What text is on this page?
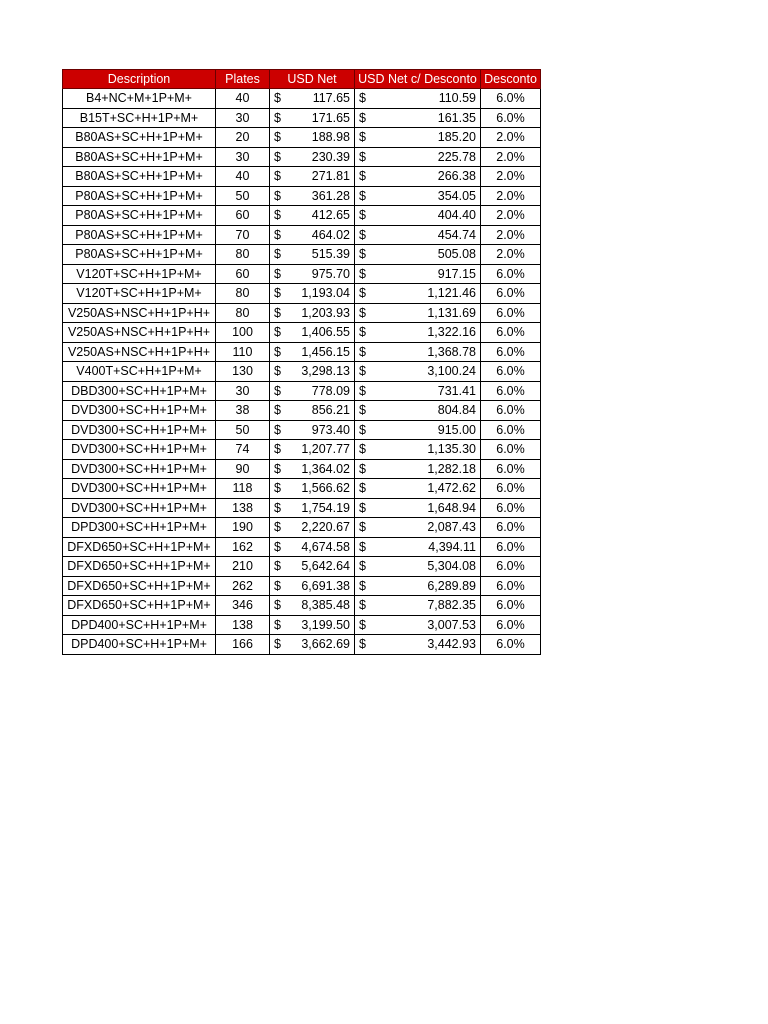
Description	Plates	USD Net	USD Net c/ Desconto	Desconto
B4+NC+M+1P+M+	40	$ 117.65	$ 110.59	6.0%
B15T+SC+H+1P+M+	30	$ 171.65	$ 161.35	6.0%
B80AS+SC+H+1P+M+	20	$ 188.98	$ 185.20	2.0%
B80AS+SC+H+1P+M+	30	$ 230.39	$ 225.78	2.0%
B80AS+SC+H+1P+M+	40	$ 271.81	$ 266.38	2.0%
P80AS+SC+H+1P+M+	50	$ 361.28	$ 354.05	2.0%
P80AS+SC+H+1P+M+	60	$ 412.65	$ 404.40	2.0%
P80AS+SC+H+1P+M+	70	$ 464.02	$ 454.74	2.0%
P80AS+SC+H+1P+M+	80	$ 515.39	$ 505.08	2.0%
V120T+SC+H+1P+M+	60	$ 975.70	$ 917.15	6.0%
V120T+SC+H+1P+M+	80	$ 1,193.04	$ 1,121.46	6.0%
V250AS+NSC+H+1P+H+	80	$ 1,203.93	$ 1,131.69	6.0%
V250AS+NSC+H+1P+H+	100	$ 1,406.55	$ 1,322.16	6.0%
V250AS+NSC+H+1P+H+	110	$ 1,456.15	$ 1,368.78	6.0%
V400T+SC+H+1P+M+	130	$ 3,298.13	$ 3,100.24	6.0%
DBD300+SC+H+1P+M+	30	$ 778.09	$ 731.41	6.0%
DVD300+SC+H+1P+M+	38	$ 856.21	$ 804.84	6.0%
DVD300+SC+H+1P+M+	50	$ 973.40	$ 915.00	6.0%
DVD300+SC+H+1P+M+	74	$ 1,207.77	$ 1,135.30	6.0%
DVD300+SC+H+1P+M+	90	$ 1,364.02	$ 1,282.18	6.0%
DVD300+SC+H+1P+M+	118	$ 1,566.62	$ 1,472.62	6.0%
DVD300+SC+H+1P+M+	138	$ 1,754.19	$ 1,648.94	6.0%
DPD300+SC+H+1P+M+	190	$ 2,220.67	$ 2,087.43	6.0%
DFXD650+SC+H+1P+M+	162	$ 4,674.58	$ 4,394.11	6.0%
DFXD650+SC+H+1P+M+	210	$ 5,642.64	$ 5,304.08	6.0%
DFXD650+SC+H+1P+M+	262	$ 6,691.38	$ 6,289.89	6.0%
DFXD650+SC+H+1P+M+	346	$ 8,385.48	$ 7,882.35	6.0%
DPD400+SC+H+1P+M+	138	$ 3,199.50	$ 3,007.53	6.0%
DPD400+SC+H+1P+M+	166	$ 3,662.69	$ 3,442.93	6.0%
